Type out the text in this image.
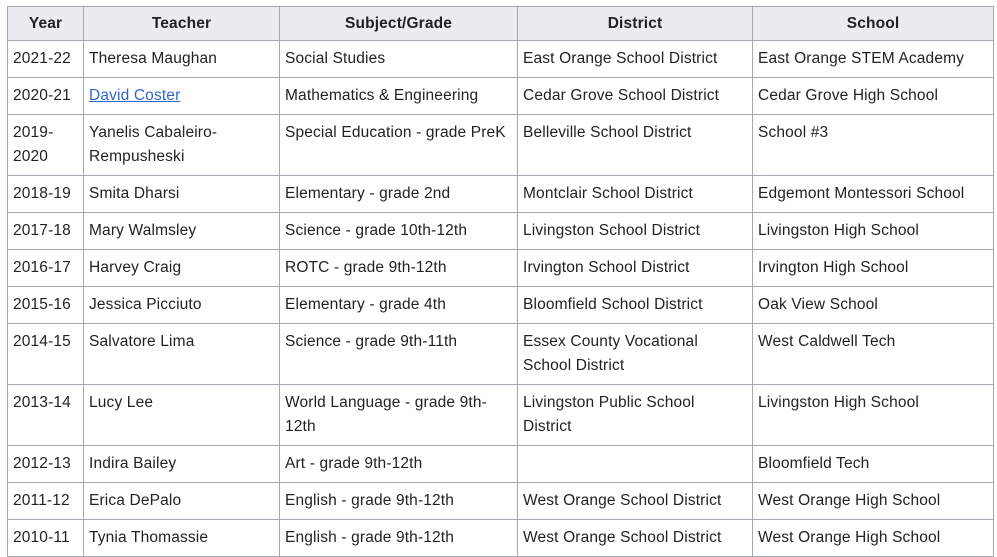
Year	Teacher	Subject/Grade	District	School
2021-22	Theresa Maughan	Social Studies	East Orange School District	East Orange STEM Academy
2020-21	David Coster	Mathematics & Engineering	Cedar Grove School District	Cedar Grove High School
2019-2020	Yanelis Cabaleiro-Rempusheski	Special Education - grade PreK	Belleville School District	School #3
2018-19	Smita Dharsi	Elementary - grade 2nd	Montclair School District	Edgemont Montessori School
2017-18	Mary Walmsley	Science - grade 10th-12th	Livingston School District	Livingston High School
2016-17	Harvey Craig	ROTC - grade 9th-12th	Irvington School District	Irvington High School
2015-16	Jessica Picciuto	Elementary - grade 4th	Bloomfield School District	Oak View School
2014-15	Salvatore Lima	Science - grade 9th-11th	Essex County Vocational School District	West Caldwell Tech
2013-14	Lucy Lee	World Language - grade 9th-12th	Livingston Public School District	Livingston High School
2012-13	Indira Bailey	Art - grade 9th-12th		Bloomfield Tech
2011-12	Erica DePalo	English - grade 9th-12th	West Orange School District	West Orange High School
2010-11	Tynia Thomassie	English - grade 9th-12th	West Orange School District	West Orange High School
